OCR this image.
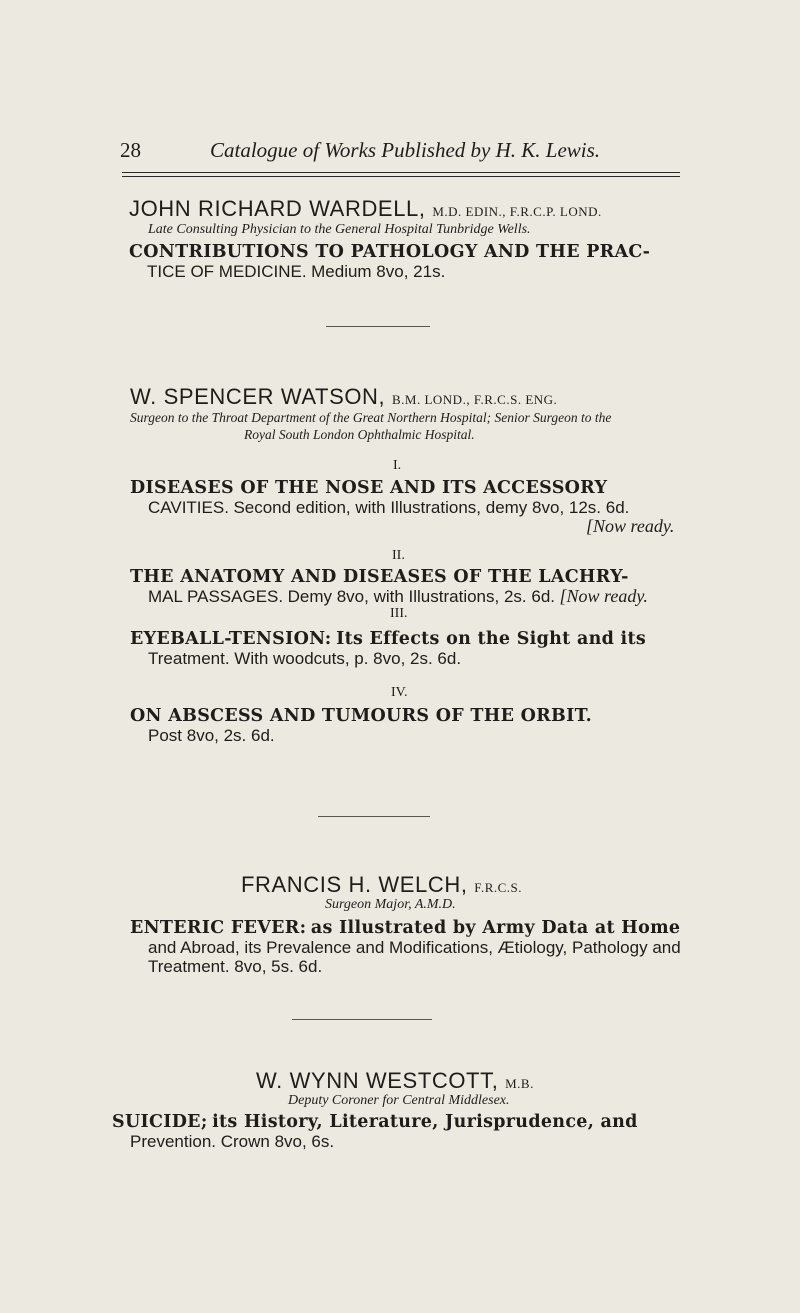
28	Catalogue of Works Published by H. K. Lewis.
JOHN RICHARD WARDELL, M.D. EDIN., F.R.C.P. LOND.
Late Consulting Physician to the General Hospital Tunbridge Wells.
CONTRIBUTIONS TO PATHOLOGY AND THE PRAC-
TICE OF MEDICINE. Medium 8vo, 21s.
W. SPENCER WATSON, B.M. LOND., F.R.C.S. ENG.
Surgeon to the Throat Department of the Great Northern Hospital; Senior Surgeon to the
Royal South London Ophthalmic Hospital.
I.
DISEASES OF THE NOSE AND ITS ACCESSORY
CAVITIES. Second edition, with Illustrations, demy 8vo, 12s. 6d.
[Now ready.
II.
THE ANATOMY AND DISEASES OF THE LACHRY-
MAL PASSAGES. Demy 8vo, with Illustrations, 2s. 6d. [Now ready.
III.
EYEBALL-TENSION: Its Effects on the Sight and its
Treatment. With woodcuts, p. 8vo, 2s. 6d.
IV.
ON ABSCESS AND TUMOURS OF THE ORBIT.
Post 8vo, 2s. 6d.
FRANCIS H. WELCH, F.R.C.S.
Surgeon Major, A.M.D.
ENTERIC FEVER: as Illustrated by Army Data at Home
and Abroad, its Prevalence and Modifications, Ætiology, Pathology and
Treatment. 8vo, 5s. 6d.
W. WYNN WESTCOTT, M.B.
Deputy Coroner for Central Middlesex.
SUICIDE; its History, Literature, Jurisprudence, and
Prevention. Crown 8vo, 6s.
